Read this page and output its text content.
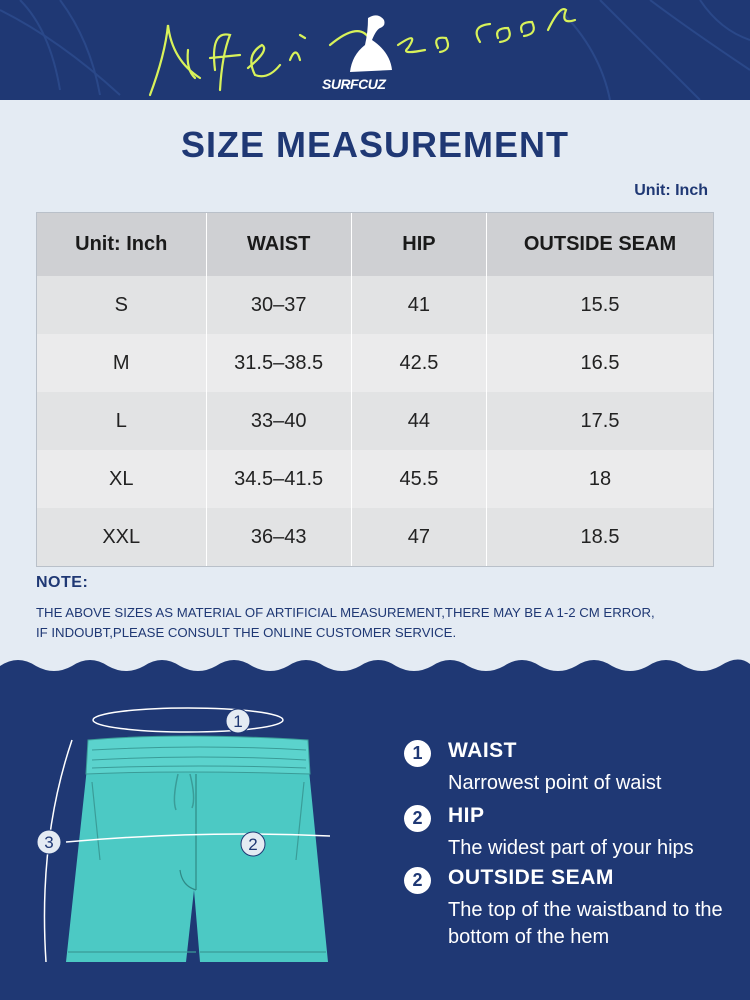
SURFCUZ
SIZE MEASUREMENT
Unit: Inch
Unit: Inch	WAIST	HIP	OUTSIDE SEAM
S	30–37	41	15.5
M	31.5–38.5	42.5	16.5
L	33–40	44	17.5
XL	34.5–41.5	45.5	18
XXL	36–43	47	18.5
NOTE:
THE ABOVE SIZES AS MATERIAL OF ARTIFICIAL MEASUREMENT,THERE MAY BE A 1-2 CM ERROR,
IF INDOUBT,PLEASE CONSULT THE ONLINE CUSTOMER SERVICE.
1
2
3
1	WAIST
Narrowest point of waist
2	HIP
The widest part of your hips
2	OUTSIDE SEAM
The top of the waistband to the bottom of the hem
